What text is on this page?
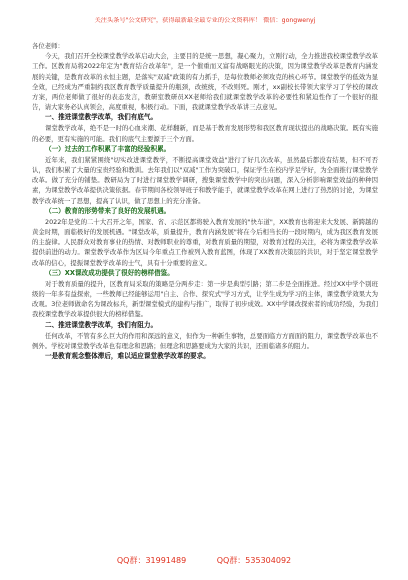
关注头条号"公文研究"，获得最新最全最专业的公文资料库！ 微信：gongwenyj

各位老师：

今天，我们召开全校课堂教学改革启动大会，主要目的是统一思想，凝心聚力，立刚行动，全力推进我校课堂教学改革工作。区教育局将2022年定为"教育结合改革年"，是一个催重而又富有战略眼光的决策，因为课堂教学改革是教育内涵发展的关键，是教育改革的永恒主题，是落实"双减"政策的有力抓手，是每位教师必须攻克的核心环节。课堂教学的低效为显全效，已经成为严重制约我区教育教学质量提升的瓶颈，改统统，不改则死。刚才，xx副校长带领大家学习了学校的课改方案，两位老师做了很好的表态发言，教研室教研员XX老师给我们就课堂教学改革的必要性和紧迫性作了一个很好的报告，请大家务必认真领会，高度重视，积极行动。下面，我就课堂教学改革讲三点意见。

一、推进课堂教学改革，我们有底气。

课堂教学改革，绝不是一时的心血来潮、花样翻新，而是基于教育发展形势和我区教育现状提出的战略决策。既有实施的必要，更有实施的可能。我们的底气主要源于三个方面。

（一）过去的工作积累了丰富的经验积累。

近年来，我们紧紧围绕"切实改进课堂教学，不断提高课堂效益"进行了好几次改革，虽然最后都没有结果，但不可否认，我们积累了大量的宝贵经验和教训。去年我们以"双减"工作为突破口，保证学生在校内学足学好，为全面推行课堂教学改革。做了充分的铺垫。教研局为了时进行课堂教学调研，搜集课堂教学中的突出问题，深入分析影响课堂效益的种种因素，为课堂教学改革提供决策依据。春节期间各校领导班子和教学能手，就课堂教学改革在网上进行了热烈的讨论，为课堂教学改革统一了思想，提高了认识，做了思想上的充分准备。

（二）教育的形势带来了良好的发展机遇。

2022年是党的二十大召开之年，国家、省、示范区都将驶入教育发展的"快车道"，XX教育也将迎来大发展、新跨越的黄金时期，面临极好的发展机遇。"课堂改革，质量提升，教育内涵发展"将在今后相当长的一段时期内，成为我区教育发展的主旋律。人民群众对教育事业的热情、对教师职业的尊重，对教育质量的期望，对教育过程的关注，必将为课堂教学改革提供前进的动力。课堂教学改革作为区局今年重点工作被列入教育蓝图，体现了XX教育决策层的共识，对于坚定课堂教学改革的信心，提振课堂教学改革的士气，具有十分重要的意义。

（三）XX课改成功提供了很好的榜样借鉴。

对于教育质量的提升，区教育局采取的策略是分两步走：第一步是典型引路；第二步是全面推进。经过XX中学个别班级的一年多有益探索，一些教师已经能够运用"自主、合作、探究式"学习方式，让学生成为学习的主体，课堂教学效果大为改观。3位老师做命名为课改标兵，新型课堂模式的建构与推广，取得了初步成效。XX中学课改探索者的成功经验，为我们我校课堂教学改革提供很大的榜样借鉴。

二、推进课堂教学改革，我们有阻力。

任何改革，不管有多么巨大的作用和深远的意义，但作为一种新生事物，总要面临方方面面的阻力，课堂教学改革也不例外。学校对课堂教学改革也有理念和思路；但理念和思路要成为大家的共识，还面临诸多的阻力。

一是教育观念整体滞后，难以适应课堂教学改革的要求。

QQ群：31991489	QQ群：535304092
